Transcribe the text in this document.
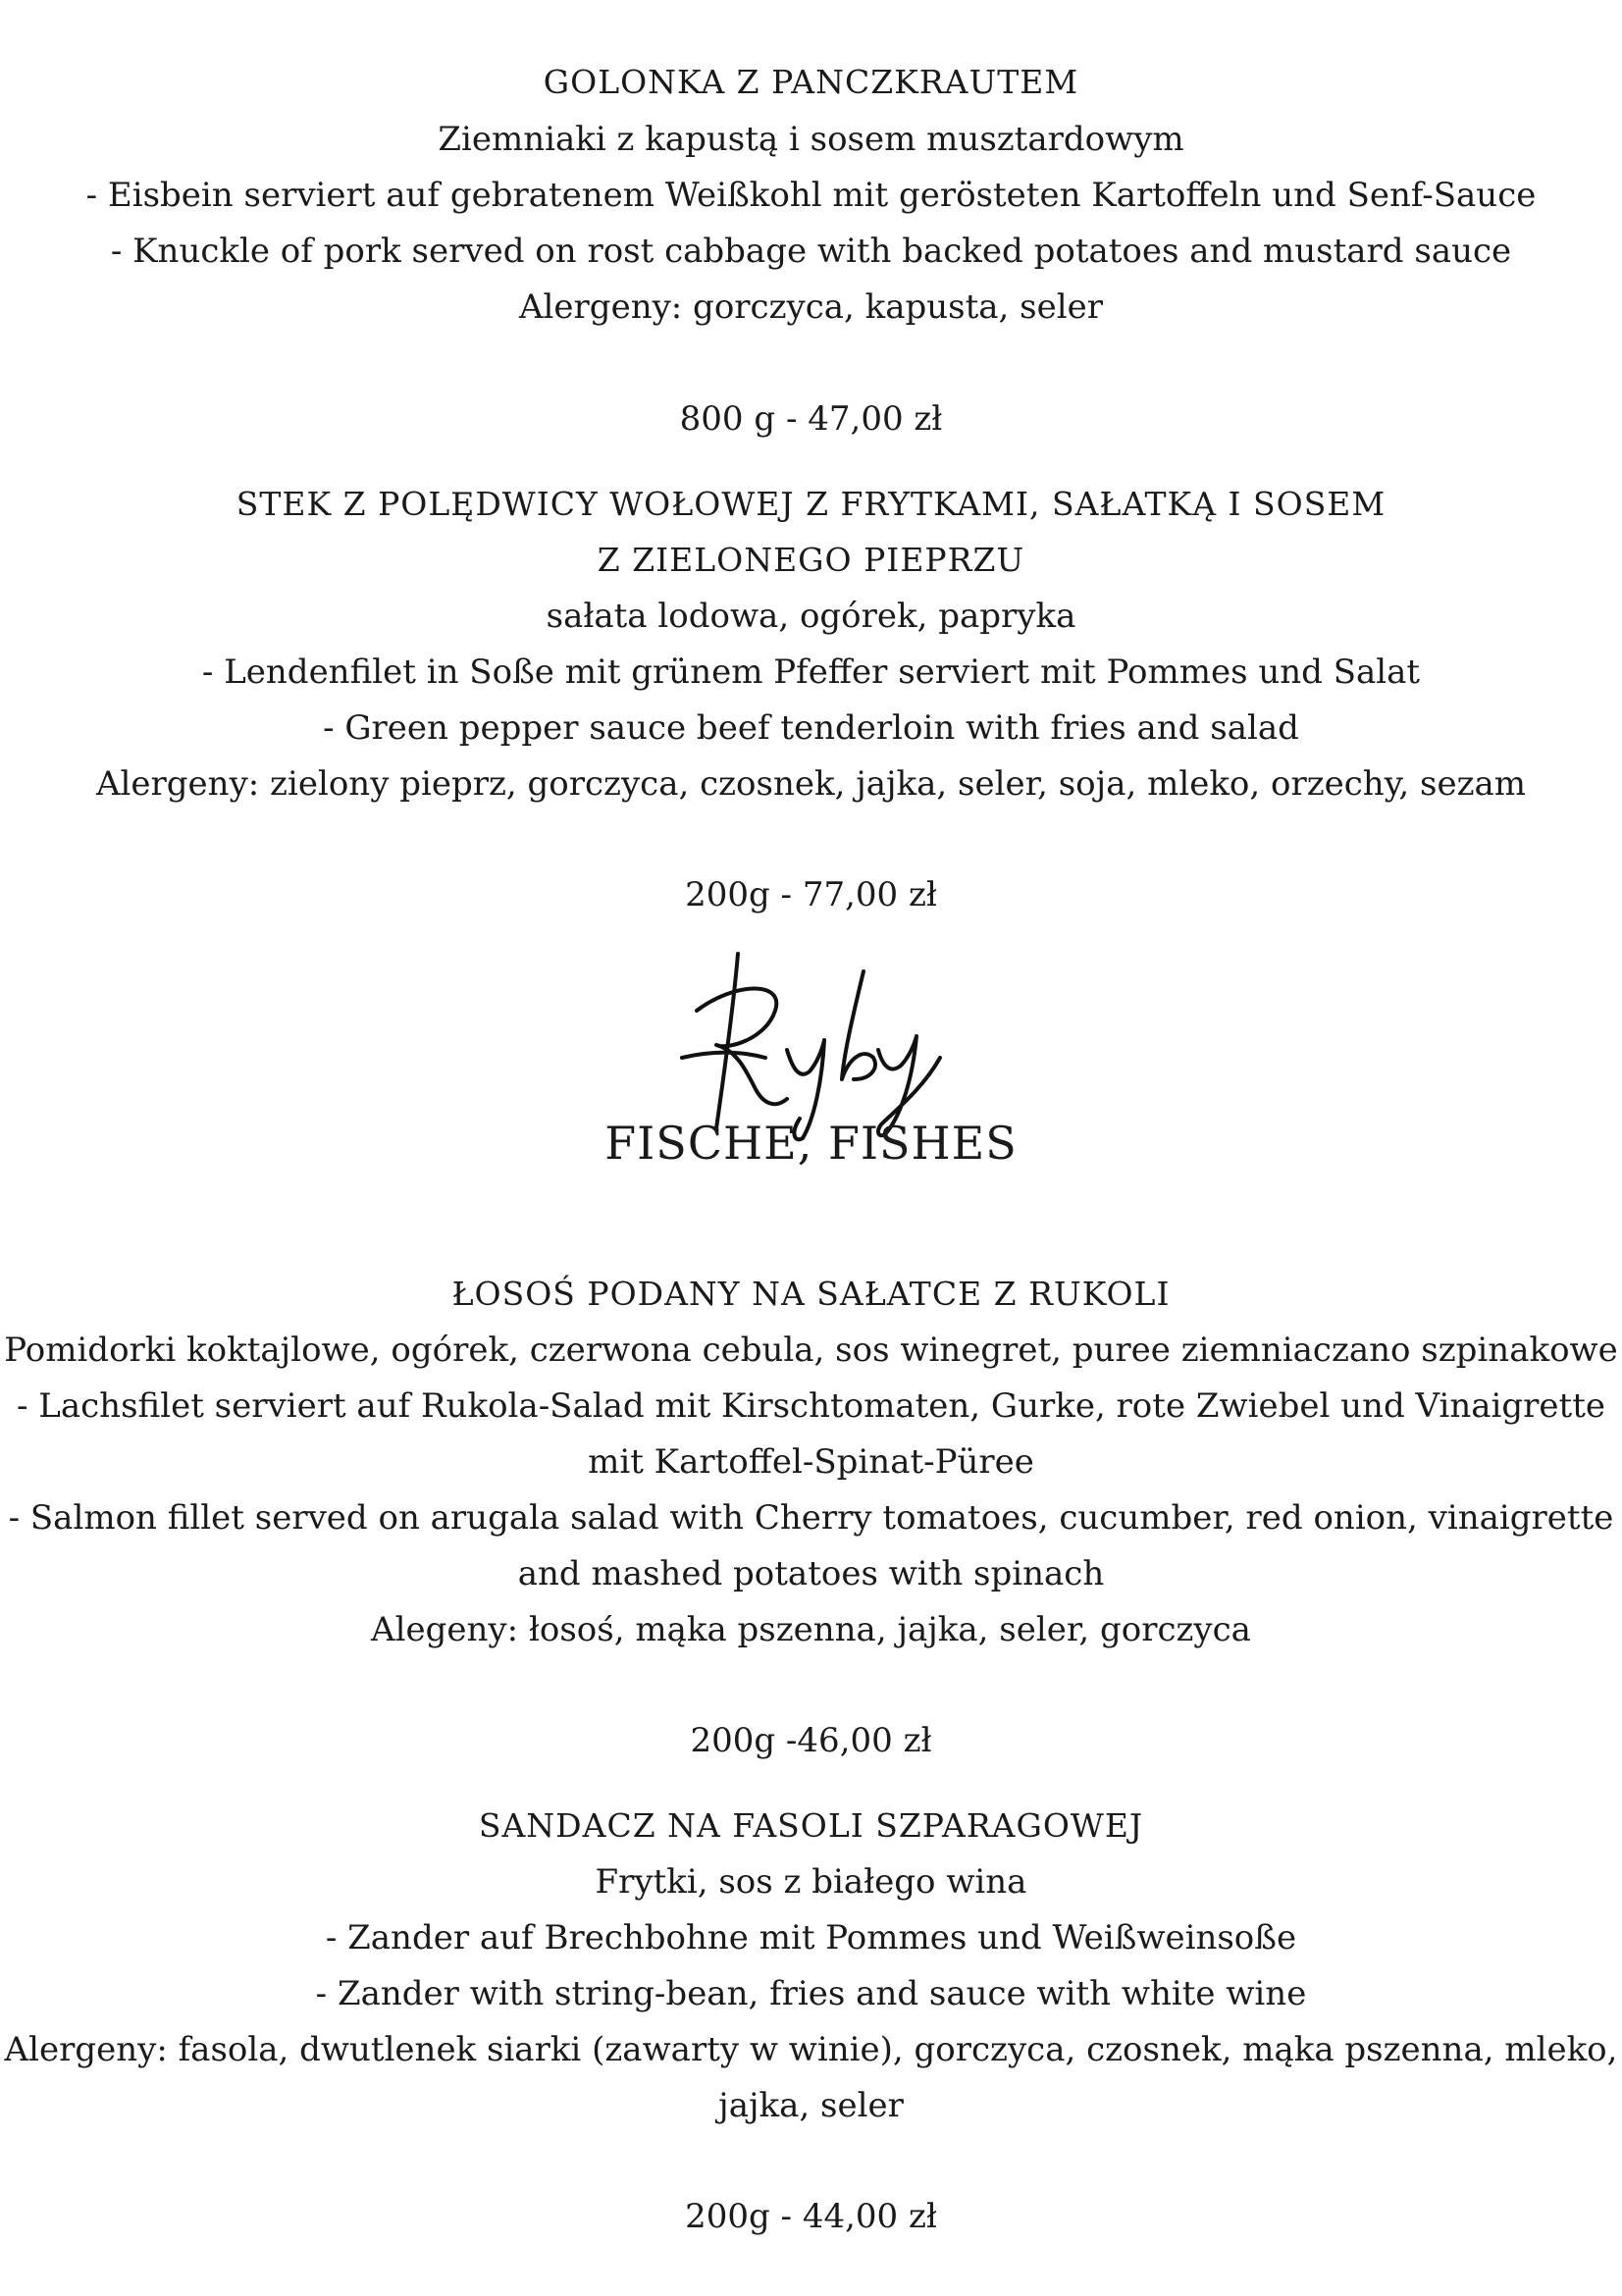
GOLONKA Z PANCZKRAUTEM
Ziemniaki z kapustą i sosem musztardowym
- Eisbein serviert auf gebratenem Weißkohl mit gerösteten Kartoffeln und Senf-Sauce
- Knuckle of pork served on rost cabbage with backed potatoes and mustard sauce
Alergeny: gorczyca, kapusta, seler
800 g - 47,00 zł
STEK Z POLĘDWICY WOŁOWEJ Z FRYTKAMI, SAŁATKĄ I SOSEM
Z ZIELONEGO PIEPRZU
sałata lodowa, ogórek, papryka
- Lendenfilet in Soße mit grünem Pfeffer serviert mit Pommes und Salat
- Green pepper sauce beef tenderloin with fries and salad
Alergeny: zielony pieprz, gorczyca, czosnek, jajka, seler, soja, mleko, orzechy, sezam
200g - 77,00 zł
FISCHE, FISHES
ŁOSOŚ PODANY NA SAŁATCE Z RUKOLI
Pomidorki koktajlowe, ogórek, czerwona cebula, sos winegret, puree ziemniaczano szpinakowe
- Lachsfilet serviert auf Rukola-Salad mit Kirschtomaten, Gurke, rote Zwiebel und Vinaigrette
mit Kartoffel-Spinat-Püree
- Salmon fillet served on arugala salad with Cherry tomatoes, cucumber, red onion, vinaigrette
and mashed potatoes with spinach
Alegeny: łosoś, mąka pszenna, jajka, seler, gorczyca
200g -46,00 zł
SANDACZ NA FASOLI SZPARAGOWEJ
Frytki, sos z białego wina
- Zander auf Brechbohne mit Pommes und Weißweinsoße
- Zander with string-bean, fries and sauce with white wine
Alergeny: fasola, dwutlenek siarki (zawarty w winie), gorczyca, czosnek, mąka pszenna, mleko,
jajka, seler
200g - 44,00 zł
